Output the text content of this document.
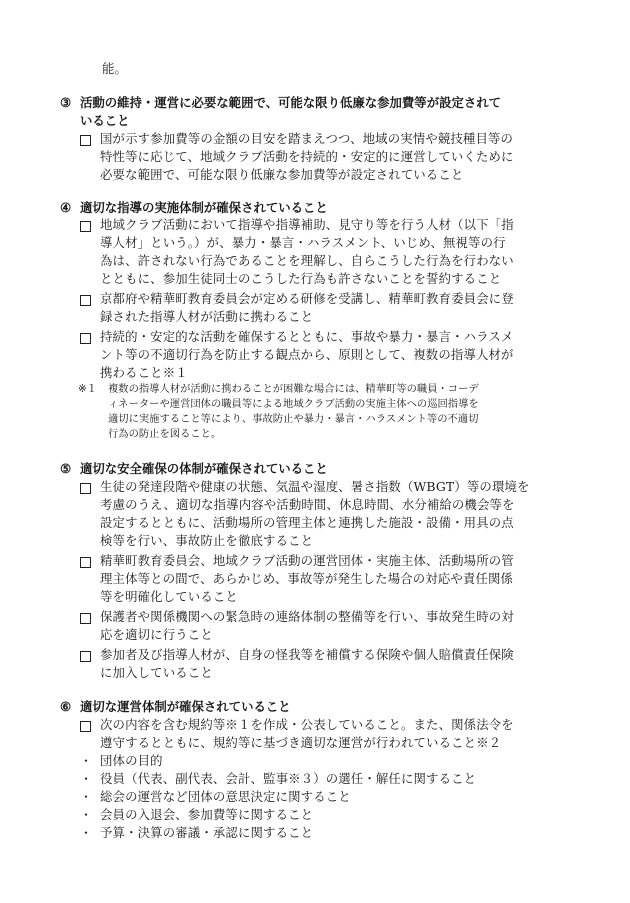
能。
③ 活動の維持・運営に必要な範囲で、可能な限り低廉な参加費等が設定されて
いること
国が示す参加費等の金額の目安を踏まえつつ、地域の実情や競技種目等の
特性等に応じて、地域クラブ活動を持続的・安定的に運営していくために
必要な範囲で、可能な限り低廉な参加費等が設定されていること
④ 適切な指導の実施体制が確保されていること
地域クラブ活動において指導や指導補助、見守り等を行う人材（以下「指
導人材」という。）が、暴力・暴言・ハラスメント、いじめ、無視等の行
為は、許されない行為であることを理解し、自らこうした行為を行わない
とともに、参加生徒同士のこうした行為も許さないことを誓約すること
京都府や精華町教育委員会が定める研修を受講し、精華町教育委員会に登
録された指導人材が活動に携わること
持続的・安定的な活動を確保するとともに、事故や暴力・暴言・ハラスメ
ント等の不適切行為を防止する観点から、原則として、複数の指導人材が
携わること※１
※１ 複数の指導人材が活動に携わることが困難な場合には、精華町等の職員・コーデ
ィネーターや運営団体の職員等による地域クラブ活動の実施主体への巡回指導を
適切に実施すること等により、事故防止や暴力・暴言・ハラスメント等の不適切
行為の防止を図ること。
⑤ 適切な安全確保の体制が確保されていること
生徒の発達段階や健康の状態、気温や湿度、暑さ指数（WBGT）等の環境を
考慮のうえ、適切な指導内容や活動時間、休息時間、水分補給の機会等を
設定するとともに、活動場所の管理主体と連携した施設・設備・用具の点
検等を行い、事故防止を徹底すること
精華町教育委員会、地域クラブ活動の運営団体・実施主体、活動場所の管
理主体等との間で、あらかじめ、事故等が発生した場合の対応や責任関係
等を明確化していること
保護者や関係機関への緊急時の連絡体制の整備等を行い、事故発生時の対
応を適切に行うこと
参加者及び指導人材が、自身の怪我等を補償する保険や個人賠償責任保険
に加入していること
⑥ 適切な運営体制が確保されていること
次の内容を含む規約等※１を作成・公表していること。また、関係法令を
遵守するとともに、規約等に基づき適切な運営が行われていること※２
・ 団体の目的
・ 役員（代表、副代表、会計、監事※３）の選任・解任に関すること
・ 総会の運営など団体の意思決定に関すること
・ 会員の入退会、参加費等に関すること
・ 予算・決算の審議・承認に関すること
